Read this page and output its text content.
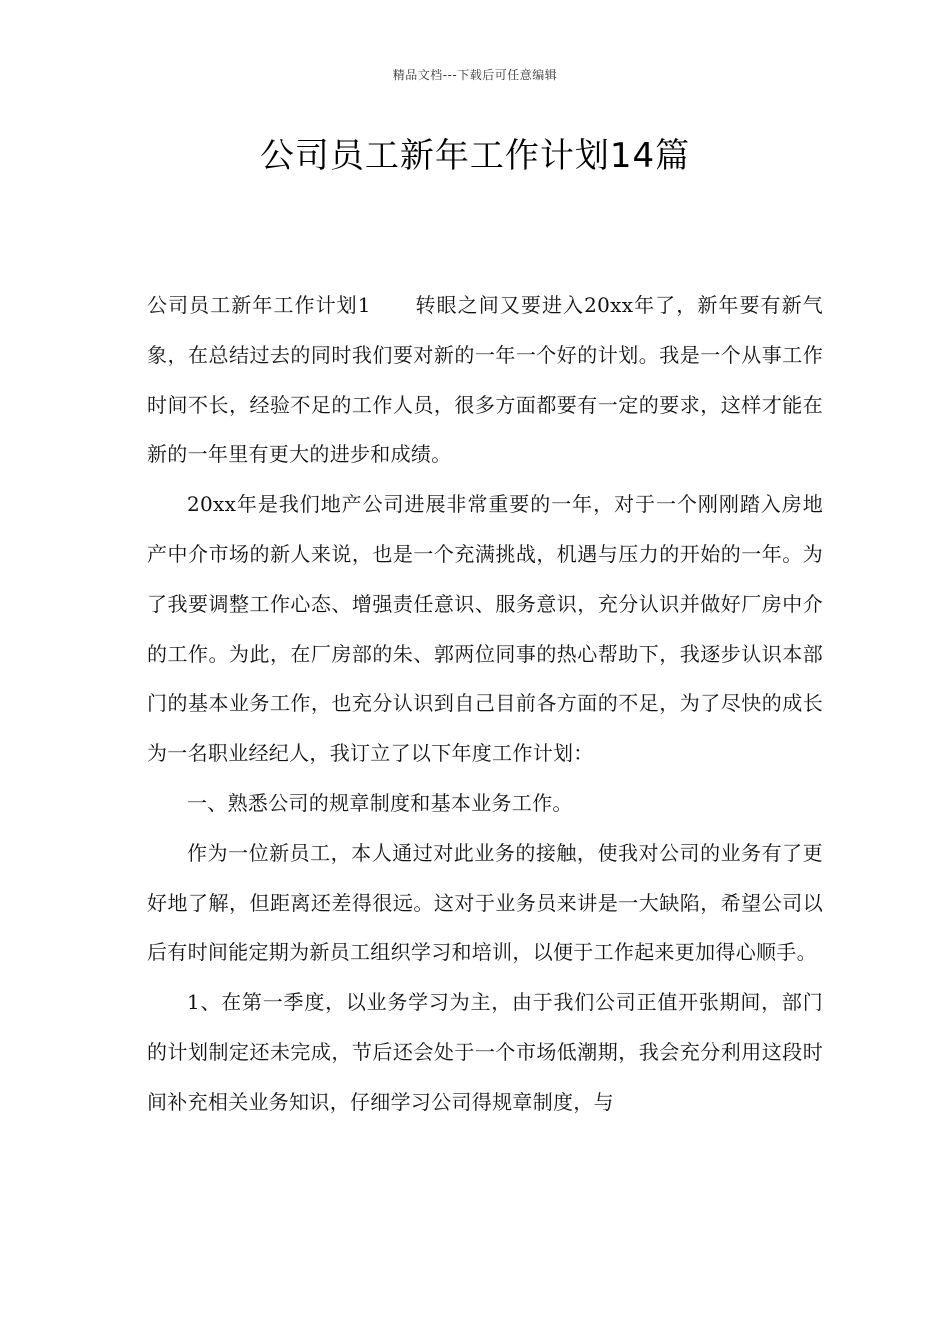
精品文档---下载后可任意编辑
公司员工新年工作计划14篇

公司员工新年工作计划1 转眼之间又要进入20xx年了，新年要有新气象，在总结过去的同时我们要对新的一年一个好的计划。我是一个从事工作时间不长，经验不足的工作人员，很多方面都要有一定的要求，这样才能在新的一年里有更大的进步和成绩。

20xx年是我们地产公司进展非常重要的一年，对于一个刚刚踏入房地产中介市场的新人来说，也是一个充满挑战，机遇与压力的开始的一年。为了我要调整工作心态、增强责任意识、服务意识，充分认识并做好厂房中介的工作。为此，在厂房部的朱、郭两位同事的热心帮助下，我逐步认识本部门的基本业务工作，也充分认识到自己目前各方面的不足，为了尽快的成长为一名职业经纪人，我订立了以下年度工作计划：

一、熟悉公司的规章制度和基本业务工作。

作为一位新员工，本人通过对此业务的接触，使我对公司的业务有了更好地了解，但距离还差得很远。这对于业务员来讲是一大缺陷，希望公司以后有时间能定期为新员工组织学习和培训，以便于工作起来更加得心顺手。

1、在第一季度，以业务学习为主，由于我们公司正值开张期间，部门的计划制定还未完成，节后还会处于一个市场低潮期，我会充分利用这段时间补充相关业务知识，仔细学习公司得规章制度，与
